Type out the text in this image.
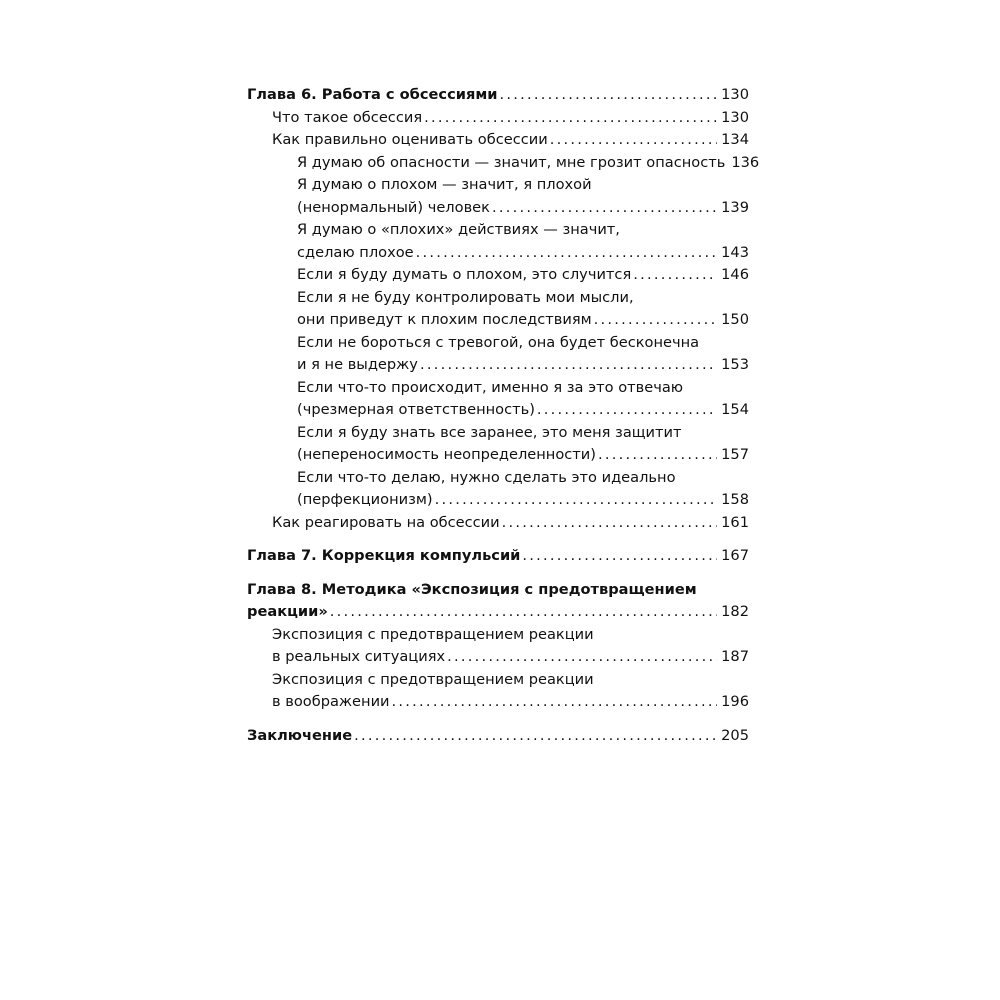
Глава 6. Работа с обсессиями . . .	130
Что такое обсессия . . .	130
Как правильно оценивать обсессии . . .	134
Я думаю об опасности — значит, мне грозит опасность 136
Я думаю о плохом — значит, я плохой
(ненормальный) человек . . .	139
Я думаю о «плохих» действиях — значит,
сделаю плохое . . .	143
Если я буду думать о плохом, это случится . . .	146
Если я не буду контролировать мои мысли,
они приведут к плохим последствиям . . .	150
Если не бороться с тревогой, она будет бесконечна
и я не выдержу . . .	153
Если что-то происходит, именно я за это отвечаю
(чрезмерная ответственность) . . .	154
Если я буду знать все заранее, это меня защитит
(непереносимость неопределенности) . . .	157
Если что-то делаю, нужно сделать это идеально
(перфекционизм) . . .	158
Как реагировать на обсессии . . .	161
Глава 7. Коррекция компульсий . . .	167
Глава 8. Методика «Экспозиция с предотвращением
реакции» . . .	182
Экспозиция с предотвращением реакции
в реальных ситуациях . . .	187
Экспозиция с предотвращением реакции
в воображении . . .	196
Заключение . . .	205
